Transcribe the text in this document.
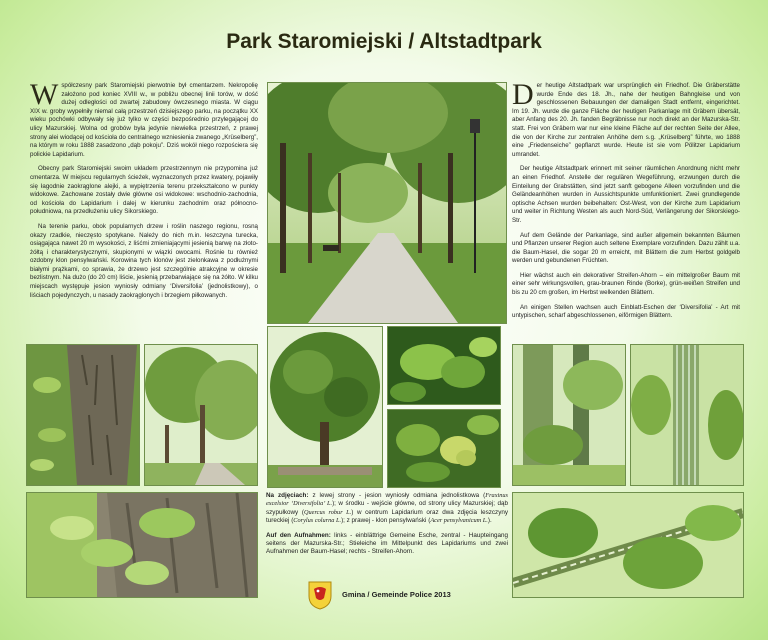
Park Staromiejski / Altstadtpark

Współczesny park Staromiejski pierwotnie był cmentarzem. Nekropolię założono pod koniec XVIII w., w pobliżu obecnej linii torów, w dość dużej odległości od zwartej zabudowy ówczesnego miasta. W ciągu XIX w. groby wypełniły niemal całą przestrzeń dzisiejszego parku, na początku XX wieku pochówki odbywały się już tylko w części bezpośrednio przylegającej do ulicy Mazurskiej. Wolna od grobów była jedynie niewielka przestrzeń, z prawej strony alei wiodącej od kościoła do centralnego wzniesienia zwanego „Krüselberg”, na którym w roku 1888 zasadzono „dąb pokoju”. Dziś wokół niego rozpościera się polickie Lapidarium.

Obecny park Staromiejski swoim układem przestrzennym nie przypomina już cmentarza. W miejscu regularnych ścieżek, wyznaczonych przez kwatery, pojawiły się łagodnie zaokrąglone alejki, a wypiętrzenia terenu przekształcono w punkty widokowe. Zachowane zostały dwie główne osi widokowe: wschodnio-zachodnia, od kościoła do Lapidarium i dalej w kierunku zachodnim oraz północno-południowa, na przedłużeniu ulicy Sikorskiego.

Na terenie parku, obok popularnych drzew i roślin naszego regionu, rosną okazy rzadkie, nieczęsto spotykane. Należy do nich m.in. leszczyna turecka, osiągająca nawet 20 m wysokości, z liśćmi zmieniającymi jesienią barwę na złoto-żółtą i charakterystycznymi, skupionymi w wiązki owocami. Rośnie tu również ozdobny klon pensylwański. Korowina tych klonów jest zielonkawa z podłużnymi białymi prążkami, co sprawia, że drzewo jest szczególnie atrakcyjne w okresie bezlistnym. Na dużo (do 20 cm) liście, jesienią przebarwiające się na żółto. W kilku miejscach występuje jesion wyniosły odmiany ‘Diversifolia’ (jednolistkowy), o liściach pojedynczych, u nasady zaokrąglonych i brzegiem piłkowanych.

Der heutige Altstadtpark war ursprünglich ein Friedhof. Die Gräberstätte wurde Ende des 18. Jh., nahe der heutigen Bahngleise und von geschlossenen Bebauungen der damaligen Stadt entfernt, eingerichtet. Im 19. Jh. wurde die ganze Fläche der heutigen Parkanlage mit Gräbern übersät, aber Anfang des 20. Jh. fanden Begräbnisse nur noch direkt an der Mazurska-Str. statt. Frei von Gräbern war nur eine kleine Fläche auf der rechten Seite der Allee, die von der Kirche zur zentralen Anhöhe dem s.g. „Krüselberg” führte, wo 1888 eine „Friedenseiche” gepflanzt wurde. Heute ist sie vom Pölitzer Lapidarium umrandet.

Der heutige Altstadtpark erinnert mit seiner räumlichen Anordnung nicht mehr an einen Friedhof. Anstelle der regulären Wegeführung, erzwungen durch die Einteilung der Grabstätten, sind jetzt sanft gebogene Alleen vorzufinden und die Geländeanhöhen wurden in Aussichtspunkte umfunktioniert. Zwei grundlegende optische Achsen wurden beibehalten: Ost-West, von der Kirche zum Lapidarium und weiter in Richtung Westen als auch Nord-Süd, Verlängerung der Sikorskiego-Str.

Auf dem Gelände der Parkanlage, sind außer allgemein bekannten Bäumen und Pflanzen unserer Region auch seltene Exemplare vorzufinden. Dazu zählt u.a. die Baum-Hasel, die sogar 20 m erreicht, mit Blättern die zum Herbst goldgelb werden und gebundenen Früchten.

Hier wächst auch ein dekorativer Streifen-Ahorn – ein mittelgroßer Baum mit einer sehr wirkungsvollen, grau-braunen Rinde (Borke), grün-weißen Streifen und bis zu 20 cm großen, im Herbst welkenden Blättern.

An einigen Stellen wachsen auch Einblatt-Eschen der ‘Diversifolia’ - Art mit untypischen, scharf abgeschlossenen, eiförmigen Blättern.

Na zdjęciach: z lewej strony - jesion wyniosły odmiana jednolistkowa (Fraxinus excelsior ‘Diversifolia’ L.); w środku - wejście główne, od strony ulicy Mazurskiej; dąb szypułkowy (Quercus robur L.) w centrum Lapidarium oraz dwa zdjęcia leszczyny tureckiej (Corylus colurna L.); z prawej - klon pensylwański (Acer pensylvanicum L.).

Auf den Aufnahmen: links - einblättrige Gemeine Esche, zentral - Haupteingang seitens der Mazurska-Str.; Stieleiche im Mittelpunkt des Lapidariums und zwei Aufnahmen der Baum-Hasel; rechts - Streifen-Ahorn.

Gmina / Gemeinde Police 2013
